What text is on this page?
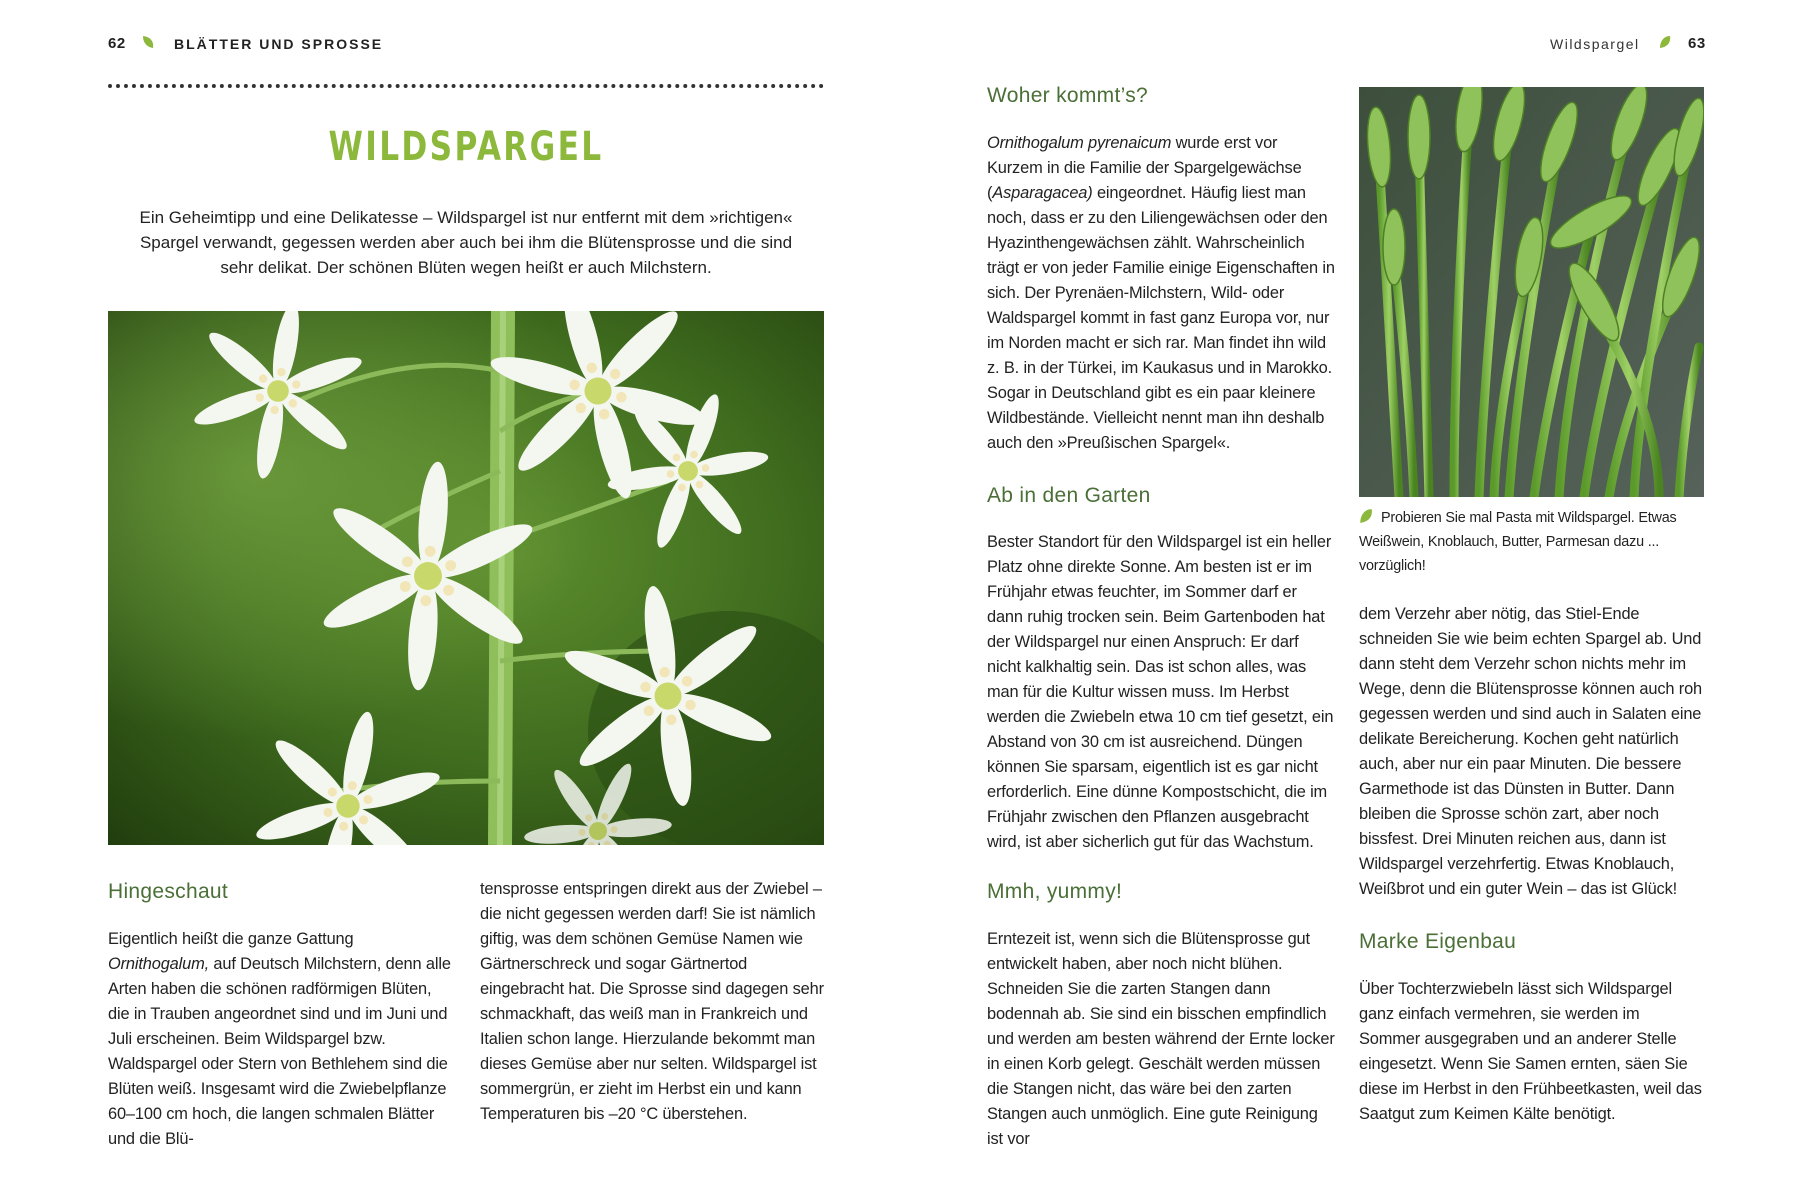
62	BLÄTTER UND SPROSSE
WILDSPARGEL
Ein Geheimtipp und eine Delikatesse – Wildspargel ist nur entfernt mit dem »richtigen« Spargel verwandt, gegessen werden aber auch bei ihm die Blütensprosse und die sind sehr delikat. Der schönen Blüten wegen heißt er auch Milchstern.
Hingeschaut
Eigentlich heißt die ganze Gattung Ornithogalum, auf Deutsch Milchstern, denn alle Arten haben die schönen radförmigen Blüten, die in Trauben angeordnet sind und im Juni und Juli erscheinen. Beim Wildspargel bzw. Waldspargel oder Stern von Bethlehem sind die Blüten weiß. Insgesamt wird die Zwiebelpflanze 60–100 cm hoch, die langen schmalen Blätter und die Blü-
tensprosse entspringen direkt aus der Zwiebel – die nicht gegessen werden darf! Sie ist nämlich giftig, was dem schönen Gemüse Namen wie Gärtnerschreck und sogar Gärtnertod eingebracht hat. Die Sprosse sind dagegen sehr schmackhaft, das weiß man in Frankreich und Italien schon lange. Hierzulande bekommt man dieses Gemüse aber nur selten. Wildspargel ist sommergrün, er zieht im Herbst ein und kann Temperaturen bis –20 °C überstehen.
Wildspargel	63
Woher kommt’s?
Ornithogalum pyrenaicum wurde erst vor Kurzem in die Familie der Spargelgewächse (Asparagacea) eingeordnet. Häufig liest man noch, dass er zu den Liliengewächsen oder den Hyazinthengewächsen zählt. Wahrscheinlich trägt er von jeder Familie einige Eigenschaften in sich. Der Pyrenäen-Milchstern, Wild- oder Waldspargel kommt in fast ganz Europa vor, nur im Norden macht er sich rar. Man findet ihn wild z. B. in der Türkei, im Kaukasus und in Marokko. Sogar in Deutschland gibt es ein paar kleinere Wildbestände. Vielleicht nennt man ihn deshalb auch den »Preußischen Spargel«.
Probieren Sie mal Pasta mit Wildspargel. Etwas Weißwein, Knoblauch, Butter, Parmesan dazu ... vorzüglich!
Ab in den Garten
Bester Standort für den Wildspargel ist ein heller Platz ohne direkte Sonne. Am besten ist er im Frühjahr etwas feuchter, im Sommer darf er dann ruhig trocken sein. Beim Gartenboden hat der Wildspargel nur einen Anspruch: Er darf nicht kalkhaltig sein. Das ist schon alles, was man für die Kultur wissen muss. Im Herbst werden die Zwiebeln etwa 10 cm tief gesetzt, ein Abstand von 30 cm ist ausreichend. Düngen können Sie sparsam, eigentlich ist es gar nicht erforderlich. Eine dünne Kompostschicht, die im Frühjahr zwischen den Pflanzen ausgebracht wird, ist aber sicherlich gut für das Wachstum.
Mmh, yummy!
Erntezeit ist, wenn sich die Blütensprosse gut entwickelt haben, aber noch nicht blühen. Schneiden Sie die zarten Stangen dann bodennah ab. Sie sind ein bisschen empfindlich und werden am besten während der Ernte locker in einen Korb gelegt. Geschält werden müssen die Stangen nicht, das wäre bei den zarten Stangen auch unmöglich. Eine gute Reinigung ist vor
dem Verzehr aber nötig, das Stiel-Ende schneiden Sie wie beim echten Spargel ab. Und dann steht dem Verzehr schon nichts mehr im Wege, denn die Blütensprosse können auch roh gegessen werden und sind auch in Salaten eine delikate Bereicherung. Kochen geht natürlich auch, aber nur ein paar Minuten. Die bessere Garmethode ist das Dünsten in Butter. Dann bleiben die Sprosse schön zart, aber noch bissfest. Drei Minuten reichen aus, dann ist Wildspargel verzehrfertig. Etwas Knoblauch, Weißbrot und ein guter Wein – das ist Glück!
Marke Eigenbau
Über Tochterzwiebeln lässt sich Wildspargel ganz einfach vermehren, sie werden im Sommer ausgegraben und an anderer Stelle eingesetzt. Wenn Sie Samen ernten, säen Sie diese im Herbst in den Frühbeetkasten, weil das Saatgut zum Keimen Kälte benötigt.
